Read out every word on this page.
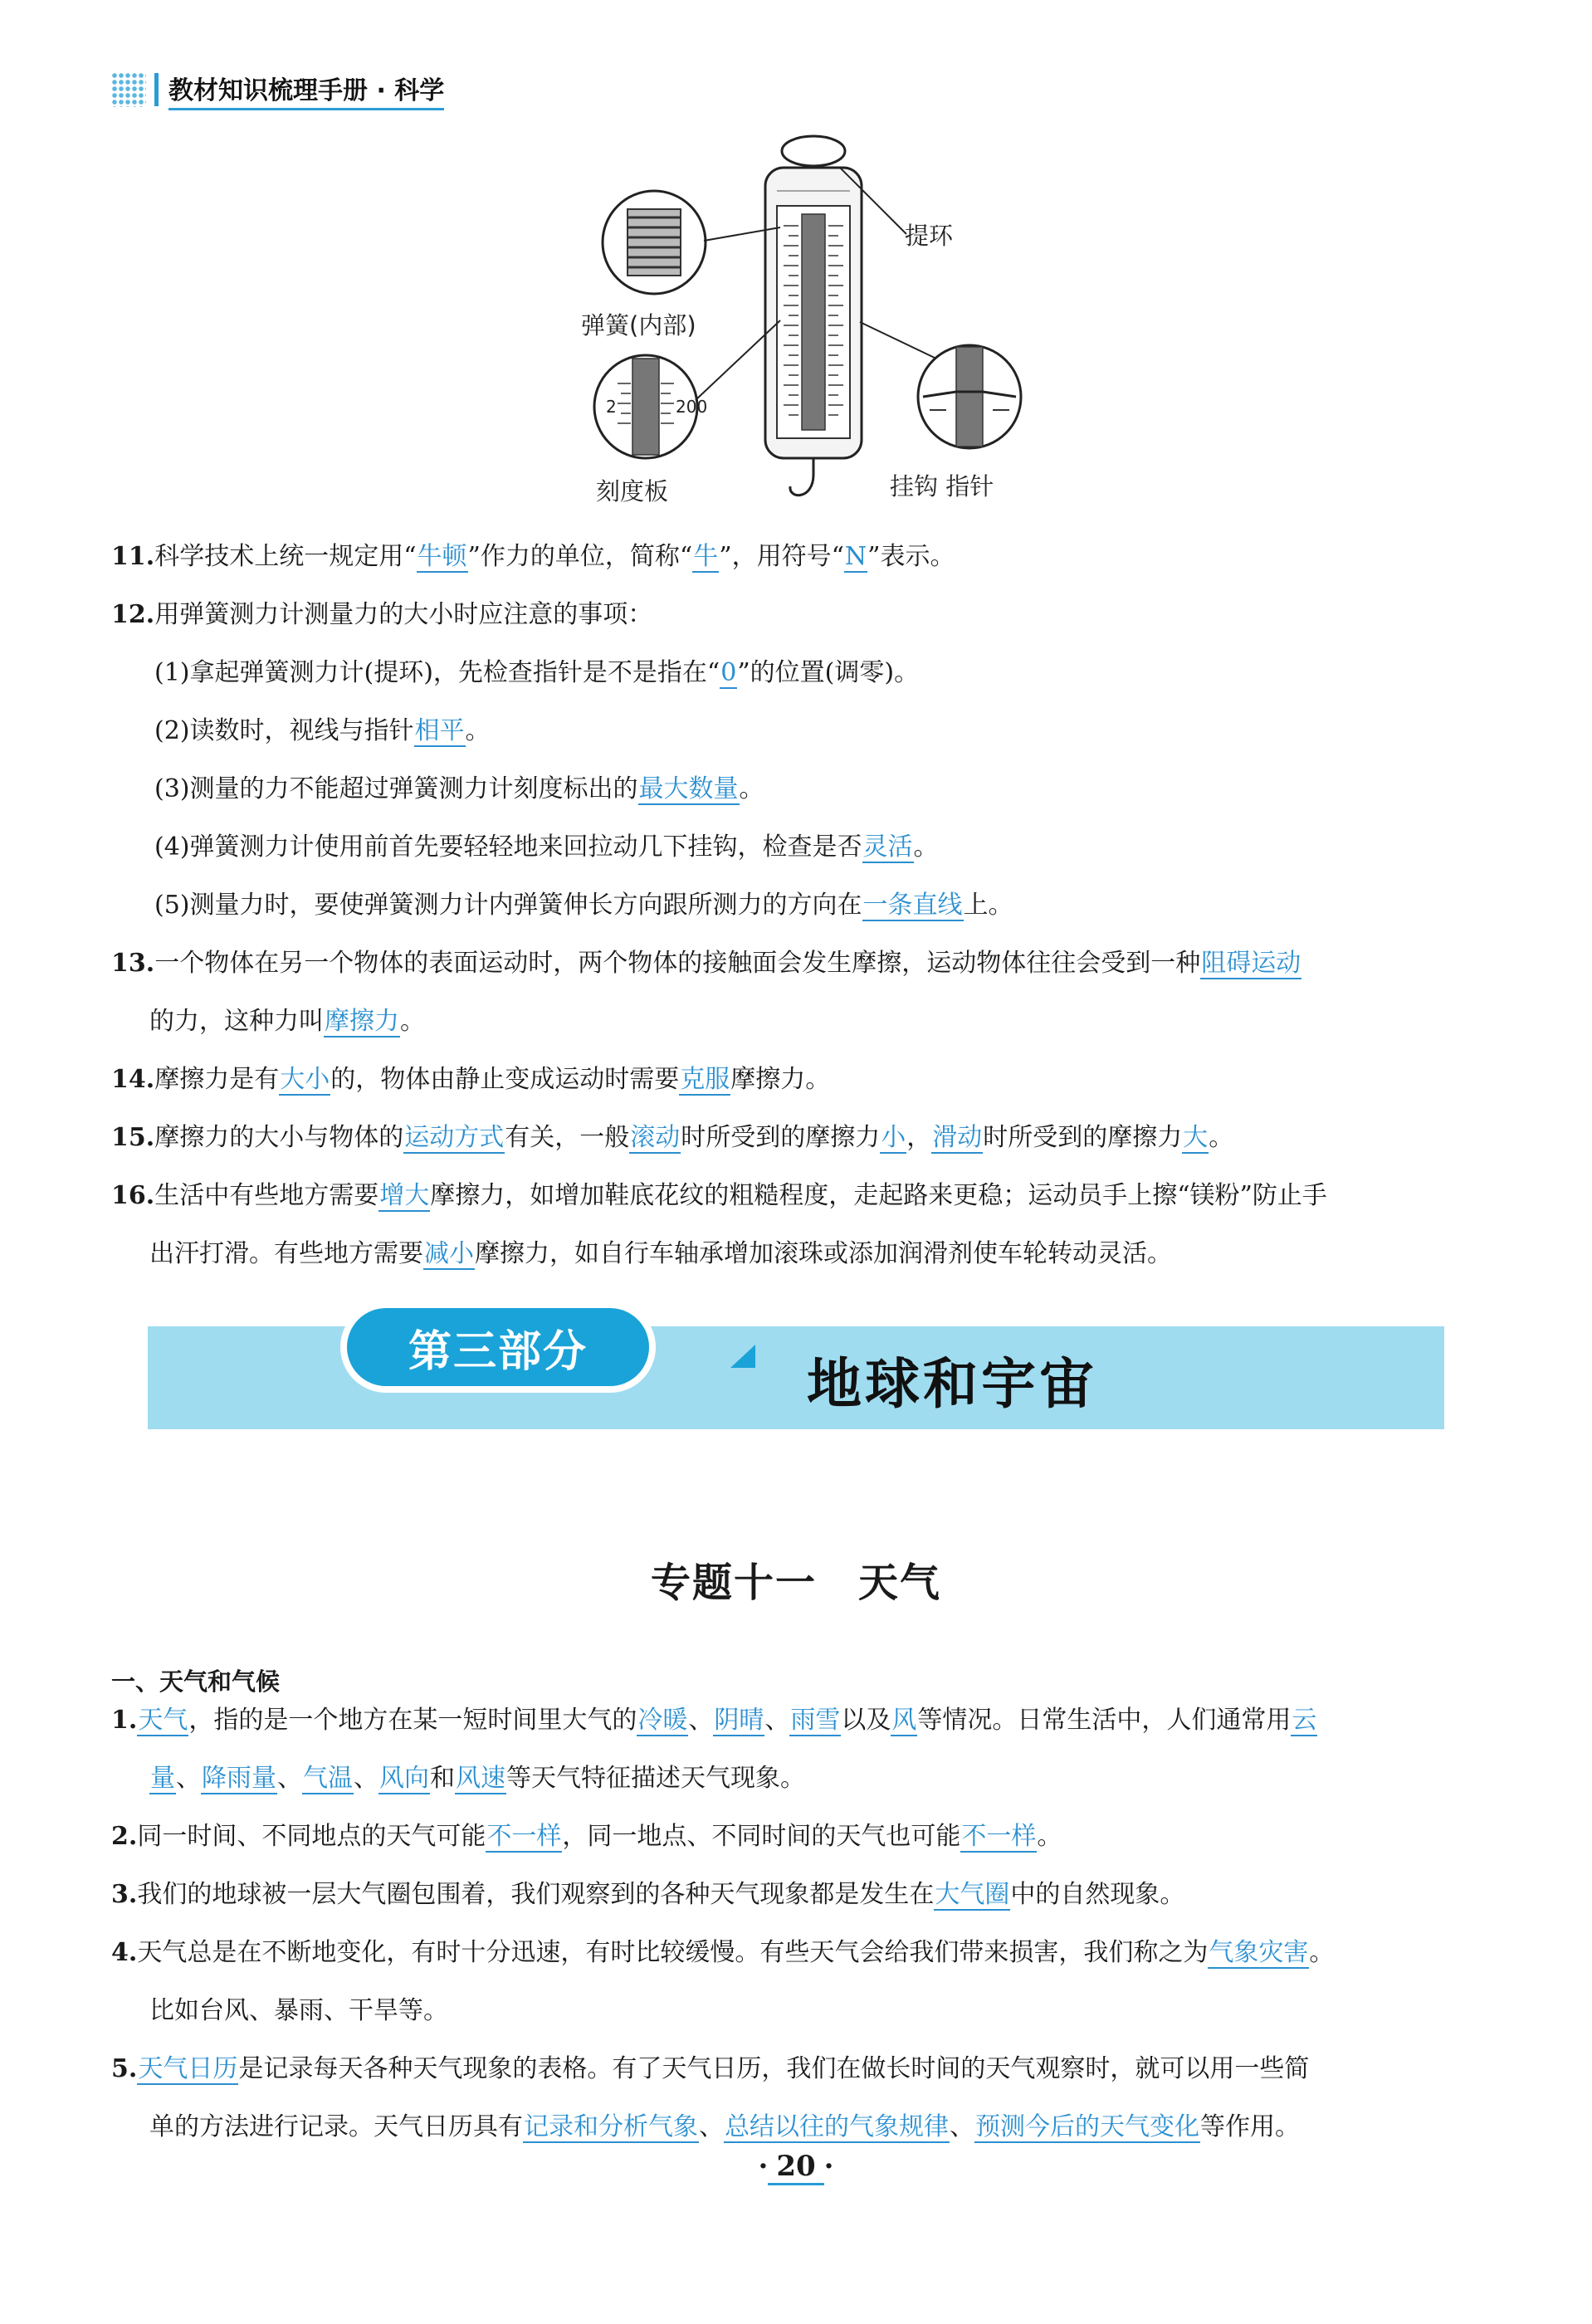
教材知识梳理手册 · 科学
提环
弹簧(内部)
刻度板	挂钩 指针
2	200
11.科学技术上统一规定用“牛顿”作力的单位，简称“牛”，用符号“N”表示。
12.用弹簧测力计测量力的大小时应注意的事项：
(1)拿起弹簧测力计(提环)，先检查指针是不是指在“0”的位置(调零)。
(2)读数时，视线与指针相平。
(3)测量的力不能超过弹簧测力计刻度标出的最大数量。
(4)弹簧测力计使用前首先要轻轻地来回拉动几下挂钩，检查是否灵活。
(5)测量力时，要使弹簧测力计内弹簧伸长方向跟所测力的方向在一条直线上。
13.一个物体在另一个物体的表面运动时，两个物体的接触面会发生摩擦，运动物体往往会受到一种阻碍运动
的力，这种力叫摩擦力。
14.摩擦力是有大小的，物体由静止变成运动时需要克服摩擦力。
15.摩擦力的大小与物体的运动方式有关，一般滚动时所受到的摩擦力小，滑动时所受到的摩擦力大。
16.生活中有些地方需要增大摩擦力，如增加鞋底花纹的粗糙程度，走起路来更稳；运动员手上擦“镁粉”防止手
出汗打滑。有些地方需要减小摩擦力，如自行车轴承增加滚珠或添加润滑剂使车轮转动灵活。
第三部分
地球和宇宙
专题十一　天气
一、天气和气候
1.天气，指的是一个地方在某一短时间里大气的冷暖、阴晴、雨雪以及风等情况。日常生活中，人们通常用云
量、降雨量、气温、风向和风速等天气特征描述天气现象。
2.同一时间、不同地点的天气可能不一样，同一地点、不同时间的天气也可能不一样。
3.我们的地球被一层大气圈包围着，我们观察到的各种天气现象都是发生在大气圈中的自然现象。
4.天气总是在不断地变化，有时十分迅速，有时比较缓慢。有些天气会给我们带来损害，我们称之为气象灾害。
比如台风、暴雨、干旱等。
5.天气日历是记录每天各种天气现象的表格。有了天气日历，我们在做长时间的天气观察时，就可以用一些简
单的方法进行记录。天气日历具有记录和分析气象、总结以往的气象规律、预测今后的天气变化等作用。
· 20 ·
